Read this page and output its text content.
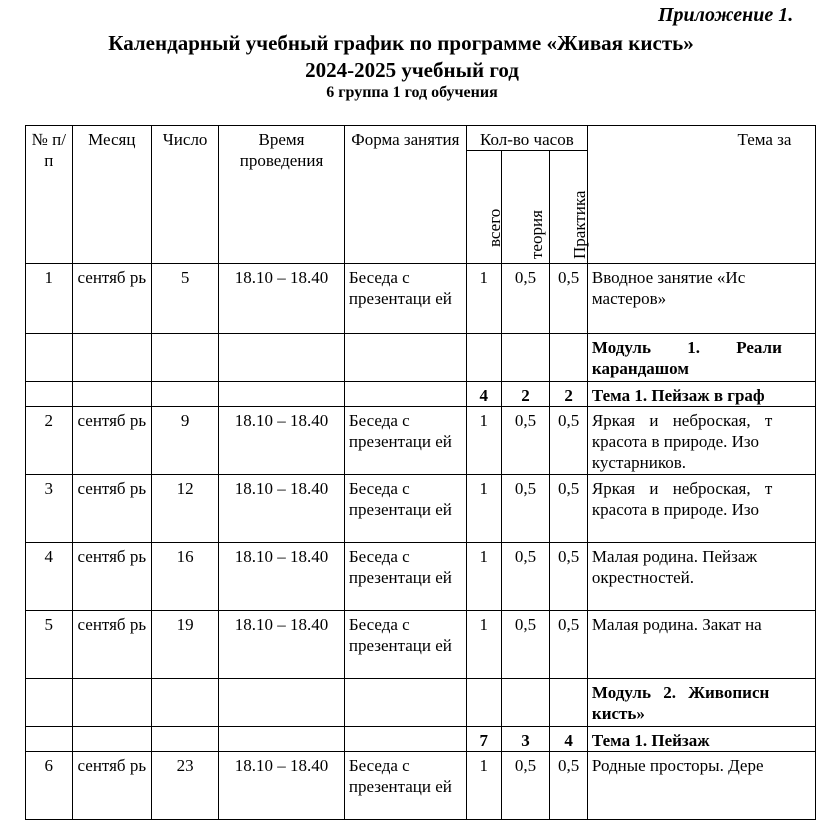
Приложение 1.
Календарный учебный график по программе «Живая кисть»
2024-2025 учебный год
6 группа 1 год обучения
№ п/п	Месяц	Число	Время проведения	Форма занятия	Кол-во часов			Тема за

					всего	теория	Практика	

1	сентяб рь	5	18.10 – 18.40	Беседа с презентаци ей	1	0,5	0,5	Вводное занятие «Ис
мастеров»

								Модуль 1. Реали
карандашом

					4	2	2	Тема 1. Пейзаж в граф
2	сентяб рь	9	18.10 – 18.40	Беседа с презентаци ей	1	0,5	0,5	Яркая и неброская, т
красота в природе. Изо
кустарников.

3	сентяб рь	12	18.10 – 18.40	Беседа с презентаци ей	1	0,5	0,5	Яркая и неброская, т
красота в природе. Изо

4	сентяб рь	16	18.10 – 18.40	Беседа с презентаци ей	1	0,5	0,5	Малая родина. Пейзаж
окрестностей.

5	сентяб рь	19	18.10 – 18.40	Беседа с презентаци ей	1	0,5	0,5	Малая родина. Закат на

								Модуль 2. Живописн
кисть»

					7	3	4	Тема 1. Пейзаж
6	сентяб рь	23	18.10 – 18.40	Беседа с презентаци ей	1	0,5	0,5	Родные просторы. Дере
